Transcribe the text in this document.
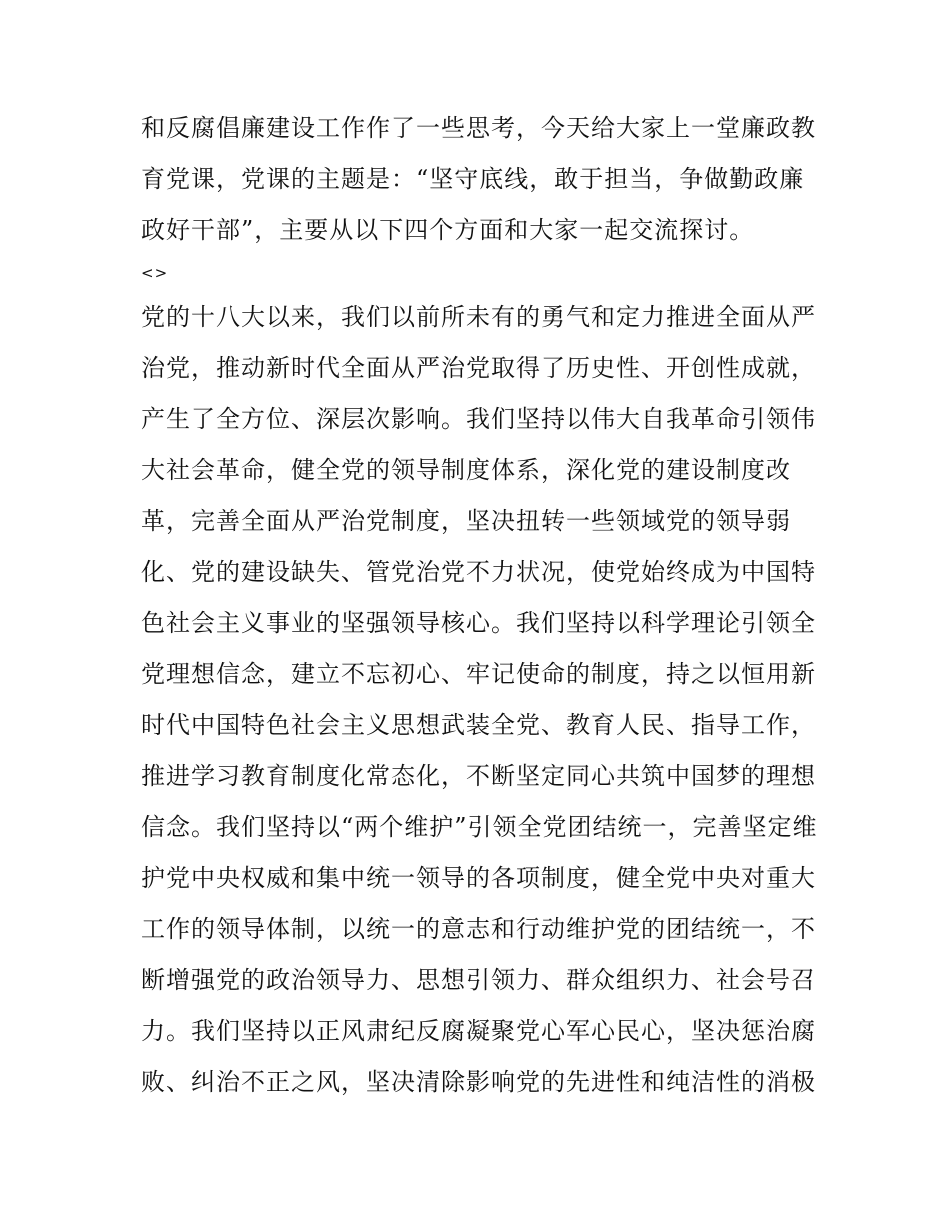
和反腐倡廉建设工作作了一些思考，今天给大家上一堂廉政教
育党课，党课的主题是：“坚守底线，敢于担当，争做勤政廉
政好干部”，主要从以下四个方面和大家一起交流探讨。
<>
党的十八大以来，我们以前所未有的勇气和定力推进全面从严
治党，推动新时代全面从严治党取得了历史性、开创性成就，
产生了全方位、深层次影响。我们坚持以伟大自我革命引领伟
大社会革命，健全党的领导制度体系，深化党的建设制度改
革，完善全面从严治党制度，坚决扭转一些领域党的领导弱
化、党的建设缺失、管党治党不力状况，使党始终成为中国特
色社会主义事业的坚强领导核心。我们坚持以科学理论引领全
党理想信念，建立不忘初心、牢记使命的制度，持之以恒用新
时代中国特色社会主义思想武装全党、教育人民、指导工作，
推进学习教育制度化常态化，不断坚定同心共筑中国梦的理想
信念。我们坚持以“两个维护”引领全党团结统一，完善坚定维
护党中央权威和集中统一领导的各项制度，健全党中央对重大
工作的领导体制，以统一的意志和行动维护党的团结统一，不
断增强党的政治领导力、思想引领力、群众组织力、社会号召
力。我们坚持以正风肃纪反腐凝聚党心军心民心，坚决惩治腐
败、纠治不正之风，坚决清除影响党的先进性和纯洁性的消极
